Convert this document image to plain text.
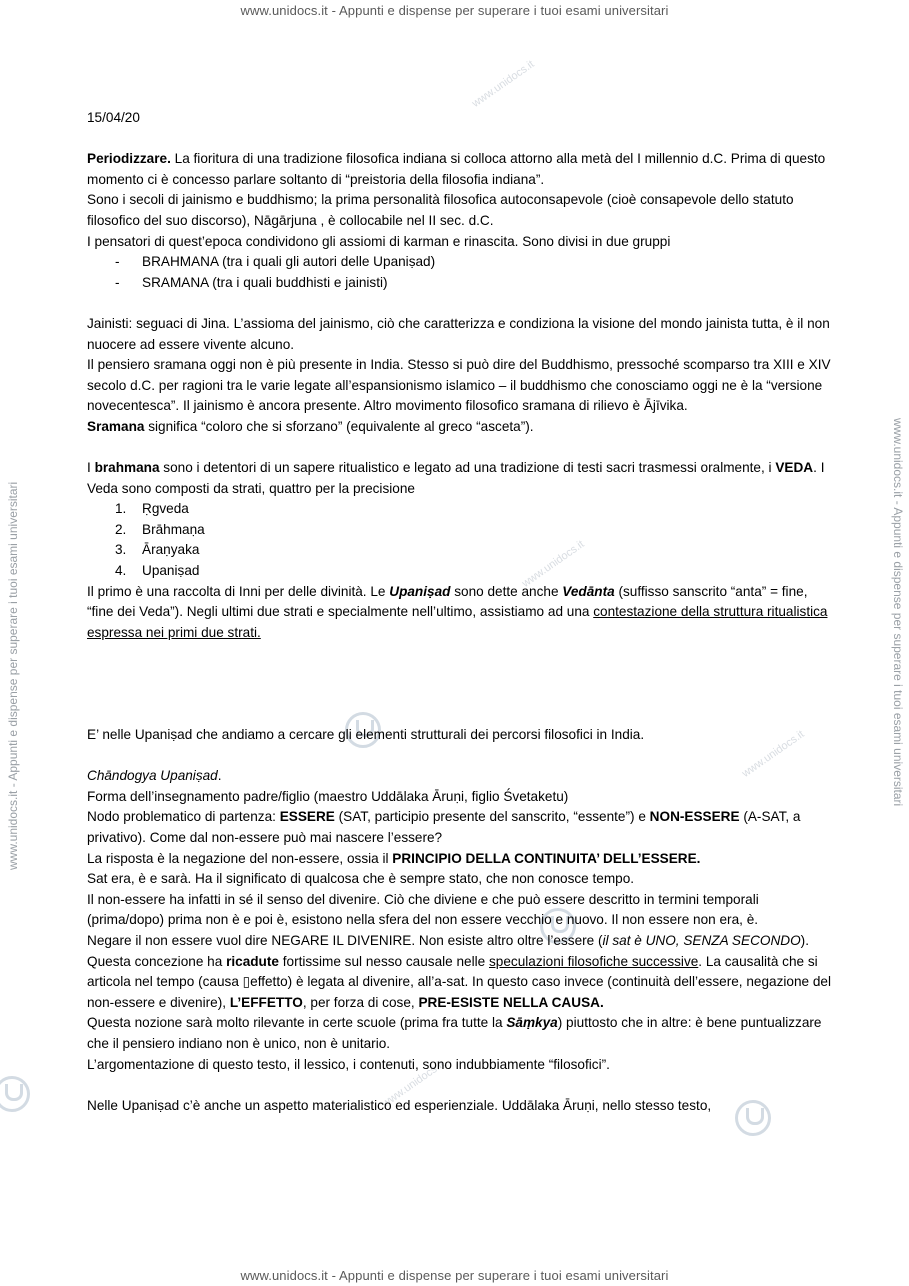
www.unidocs.it - Appunti e dispense per superare i tuoi esami universitari
www.unidocs.it - Appunti e dispense per superare i tuoi esami universitari
www.unidocs.it - Appunti e dispense per superare i tuoi esami universitari	www.unidocs.it - Appunti e dispense per superare i tuoi esami universitari
www.unidocs.it
www.unidocs.it
www.unidocs.it
www.unidocs.it

15/04/20

Periodizzare. La fioritura di una tradizione filosofica indiana si colloca attorno alla metà del I millennio d.C. Prima di questo momento ci è concesso parlare soltanto di “preistoria della filosofia indiana”.

Sono i secoli di jainismo e buddhismo; la prima personalità filosofica autoconsapevole (cioè consapevole dello statuto filosofico del suo discorso), Nāgārjuna , è collocabile nel II sec. d.C.

I pensatori di quest’epoca condividono gli assiomi di karman e rinascita. Sono divisi in due gruppi

- BRAHMANA (tra i quali gli autori delle Upaniṣad)
- SRAMANA (tra i quali buddhisti e jainisti)

Jainisti: seguaci di Jina. L’assioma del jainismo, ciò che caratterizza e condiziona la visione del mondo jainista tutta, è il non nuocere ad essere vivente alcuno.

Il pensiero sramana oggi non è più presente in India. Stesso si può dire del Buddhismo, pressoché scomparso tra XIII e XIV secolo d.C. per ragioni tra le varie legate all’espansionismo islamico – il buddhismo che conosciamo oggi ne è la “versione novecentesca”. Il jainismo è ancora presente. Altro movimento filosofico sramana di rilievo è Ājīvika.

Sramana significa “coloro che si sforzano” (equivalente al greco “asceta”).

I brahmana sono i detentori di un sapere ritualistico e legato ad una tradizione di testi sacri trasmessi oralmente, i VEDA. I Veda sono composti da strati, quattro per la precisione

1. Ṛgveda
2. Brāhmaṇa
3. Āraṇyaka
4. Upaniṣad

Il primo è una raccolta di Inni per delle divinità. Le Upaniṣad sono dette anche Vedānta (suffisso sanscrito “anta” = fine, “fine dei Veda”). Negli ultimi due strati e specialmente nell’ultimo, assistiamo ad una contestazione della struttura ritualistica espressa nei primi due strati.

E’ nelle Upaniṣad che andiamo a cercare gli elementi strutturali dei percorsi filosofici in India.

Chāndogya Upaniṣad.

Forma dell’insegnamento padre/figlio (maestro Uddālaka Āruṇi, figlio Śvetaketu)

Nodo problematico di partenza: ESSERE (SAT, participio presente del sanscrito, “essente”) e NON-ESSERE (A-SAT, a privativo). Come dal non-essere può mai nascere l’essere?

La risposta è la negazione del non-essere, ossia il PRINCIPIO DELLA CONTINUITA’ DELL’ESSERE.

Sat era, è e sarà. Ha il significato di qualcosa che è sempre stato, che non conosce tempo.

Il non-essere ha infatti in sé il senso del divenire. Ciò che diviene e che può essere descritto in termini temporali (prima/dopo) prima non è e poi è, esistono nella sfera del non essere vecchio e nuovo. Il non essere non era, è.

Negare il non essere vuol dire NEGARE IL DIVENIRE. Non esiste altro oltre l’essere (il sat è UNO, SENZA SECONDO).

Questa concezione ha ricadute fortissime sul nesso causale nelle speculazioni filosofiche successive. La causalità che si articola nel tempo (causa ▯effetto) è legata al divenire, all’a-sat. In questo caso invece (continuità dell’essere, negazione del non-essere e divenire), L’EFFETTO, per forza di cose, PRE-ESISTE NELLA CAUSA.

Questa nozione sarà molto rilevante in certe scuole (prima fra tutte la Sāṃkya) piuttosto che in altre: è bene puntualizzare che il pensiero indiano non è unico, non è unitario.

L’argomentazione di questo testo, il lessico, i contenuti, sono indubbiamente “filosofici”.

Nelle Upaniṣad c’è anche un aspetto materialistico ed esperienziale. Uddālaka Āruṇi, nello stesso testo,
